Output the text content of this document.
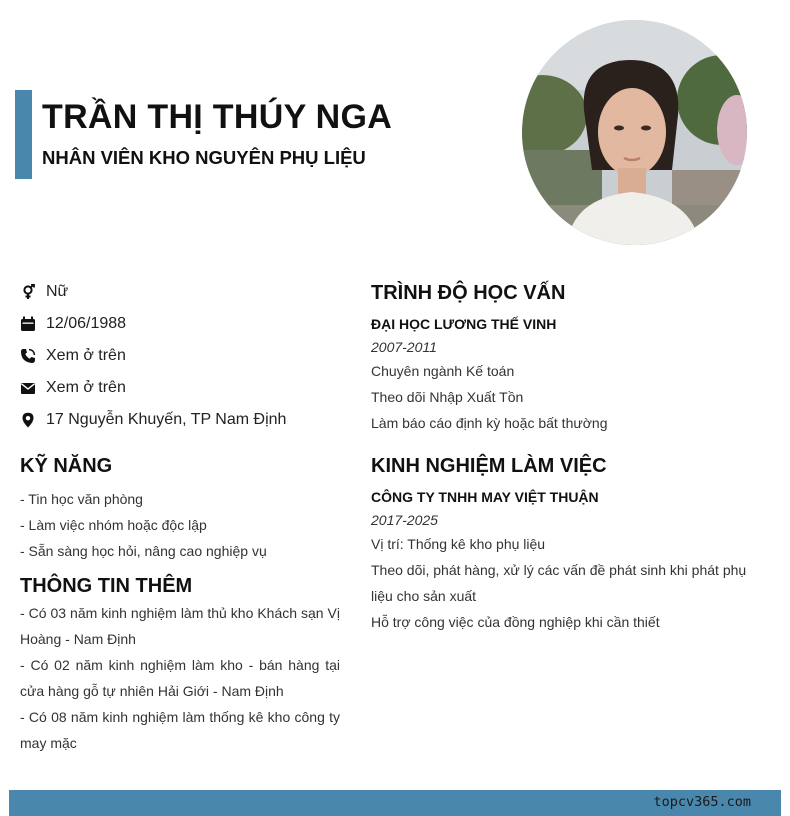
TRẦN THỊ THÚY NGA
NHÂN VIÊN KHO NGUYÊN PHỤ LIỆU
Nữ
12/06/1988
Xem ở trên
Xem ở trên
17 Nguyễn Khuyến, TP Nam Định
KỸ NĂNG
- Tin học văn phòng
- Làm việc nhóm hoặc độc lập
- Sẵn sàng học hỏi, nâng cao nghiệp vụ
THÔNG TIN THÊM
- Có 03 năm kinh nghiệm làm thủ kho Khách sạn Vị Hoàng - Nam Định
- Có 02 năm kinh nghiệm làm kho - bán hàng tại cửa hàng gỗ tự nhiên Hải Giới - Nam Định
- Có 08 năm kinh nghiệm làm thống kê kho công ty may mặc
TRÌNH ĐỘ HỌC VẤN
ĐẠI HỌC LƯƠNG THẾ VINH
2007-2011
Chuyên ngành Kế toán
Theo dõi Nhập Xuất Tồn
Làm báo cáo định kỳ hoặc bất thường
KINH NGHIỆM LÀM VIỆC
CÔNG TY TNHH MAY VIỆT THUẬN
2017-2025
Vị trí: Thống kê kho phụ liệu
Theo dõi, phát hàng, xử lý các vấn đề phát sinh khi phát phụ liệu cho sản xuất
Hỗ trợ công việc của đồng nghiệp khi cần thiết
topcv365.com
